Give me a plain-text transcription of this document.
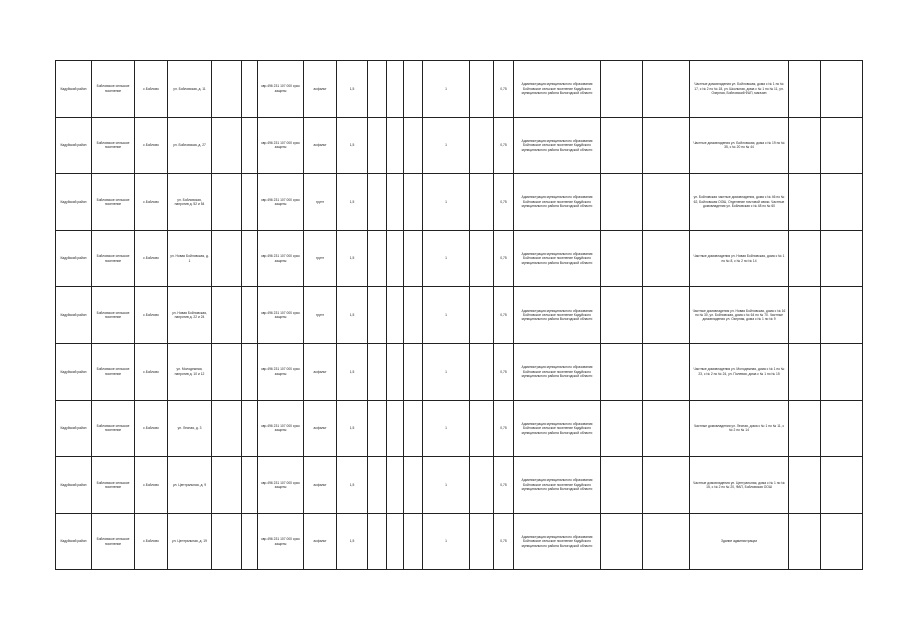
Кадуйский район	Бойловское сельское поселение	с.Бойлово	ул. Бойловская, д. 11			квр.496 231 107 000 срок защиты	асфальт	1,5				1		0,75	Администрация муниципального образования Бойловское сельское поселение Кадуйского муниципального района Вологодской области			Частные домовладения ул. Бойловская, дома с № 1 по № 17, с № 2 по № 18, ул. Школьная, дома с № 1 по № 11, ул. Озерная, Бойловский ФАП, магазин		
Кадуйский район	Бойловское сельское поселение	с.Бойлово	ул. Бойловская, д. 27			квр.496 231 107 000 срок защиты	асфальт	1,5				1		0,75	Администрация муниципального образования Бойловское сельское поселение Кадуйского муниципального района Вологодской области			Частные домовладения ул. Бойловская, дома с № 19 по № 35, с № 20 по № 44		
Кадуйский район	Бойловское сельское поселение	с.Бойлово	ул. Бойловская, напротив д. 52 и 54			квр.496 231 107 000 срок защиты	грунт	1,5				1		0,75	Администрация муниципального образования Бойловское сельское поселение Кадуйского муниципального района Вологодской области			ул. Бойловская частные домовладения, дома с № 46 по № 62, Бойловская ООШ, Отделение почтовой связи. Частные домовладения ул. Бойловская с № 48 по № 60		
Кадуйский район	Бойловское сельское поселение	с.Бойлово	ул. Новая Бойловская, д. 1			квр.496 231 107 000 срок защиты	грунт	1,5				1		0,75	Администрация муниципального образования Бойловское сельское поселение Кадуйского муниципального района Вологодской области			Частные домовладения ул. Новая Бойловская, дома с № 1 по № 8, с № 2 по № 14		
Кадуйский район	Бойловское сельское поселение	с.Бойлово	ул. Новая Бойловская, напротив д. 22 и 24			квр.496 231 107 000 срок защиты	грунт	1,5				1		0,75	Администрация муниципального образования Бойловское сельское поселение Кадуйского муниципального района Вологодской области			Частные домовладения ул. Новая Бойловская, дома с № 16 по № 30, ул. Бойловская, дома с № 64 по № 70. Частные домовладения ул. Озерная, дома с № 1 по № 9		
Кадуйский район	Бойловское сельское поселение	с.Бойлово	ул. Молодежная, напротив д. 10 и 12			квр.496 231 107 000 срок защиты	асфальт	1,5				1		0,75	Администрация муниципального образования Бойловское сельское поселение Кадуйского муниципального района Вологодской области			Частные домовладения ул. Молодежная, дома с № 1 по № 23, с № 2 по № 24, ул. Полевая, дома с № 1 по № 15		
Кадуйский район	Бойловское сельское поселение	с.Бойлово	ул. Лесная, д. 3			квр.496 231 107 000 срок защиты	асфальт	1,5				1		0,75	Администрация муниципального образования Бойловское сельское поселение Кадуйского муниципального района Вологодской области			Частные домовладения ул. Лесная, дома с № 1 по № 11, с № 2 по № 14		
Кадуйский район	Бойловское сельское поселение	с.Бойлово	ул. Центральная, д. 9			квр.496 231 107 000 срок защиты	асфальт	1,5				1		0,75	Администрация муниципального образования Бойловское сельское поселение Кадуйского муниципального района Вологодской области			Частные домовладения ул. Центральная, дома с № 1 по № 15, с № 2 по № 20, ФАП, Бойловская ООШ		
Кадуйский район	Бойловское сельское поселение	с.Бойлово	ул. Центральная, д. 19			квр.496 231 107 000 срок защиты	асфальт	1,5				1		0,75	Администрация муниципального образования Бойловское сельское поселение Кадуйского муниципального района Вологодской области			Здание администрации		
